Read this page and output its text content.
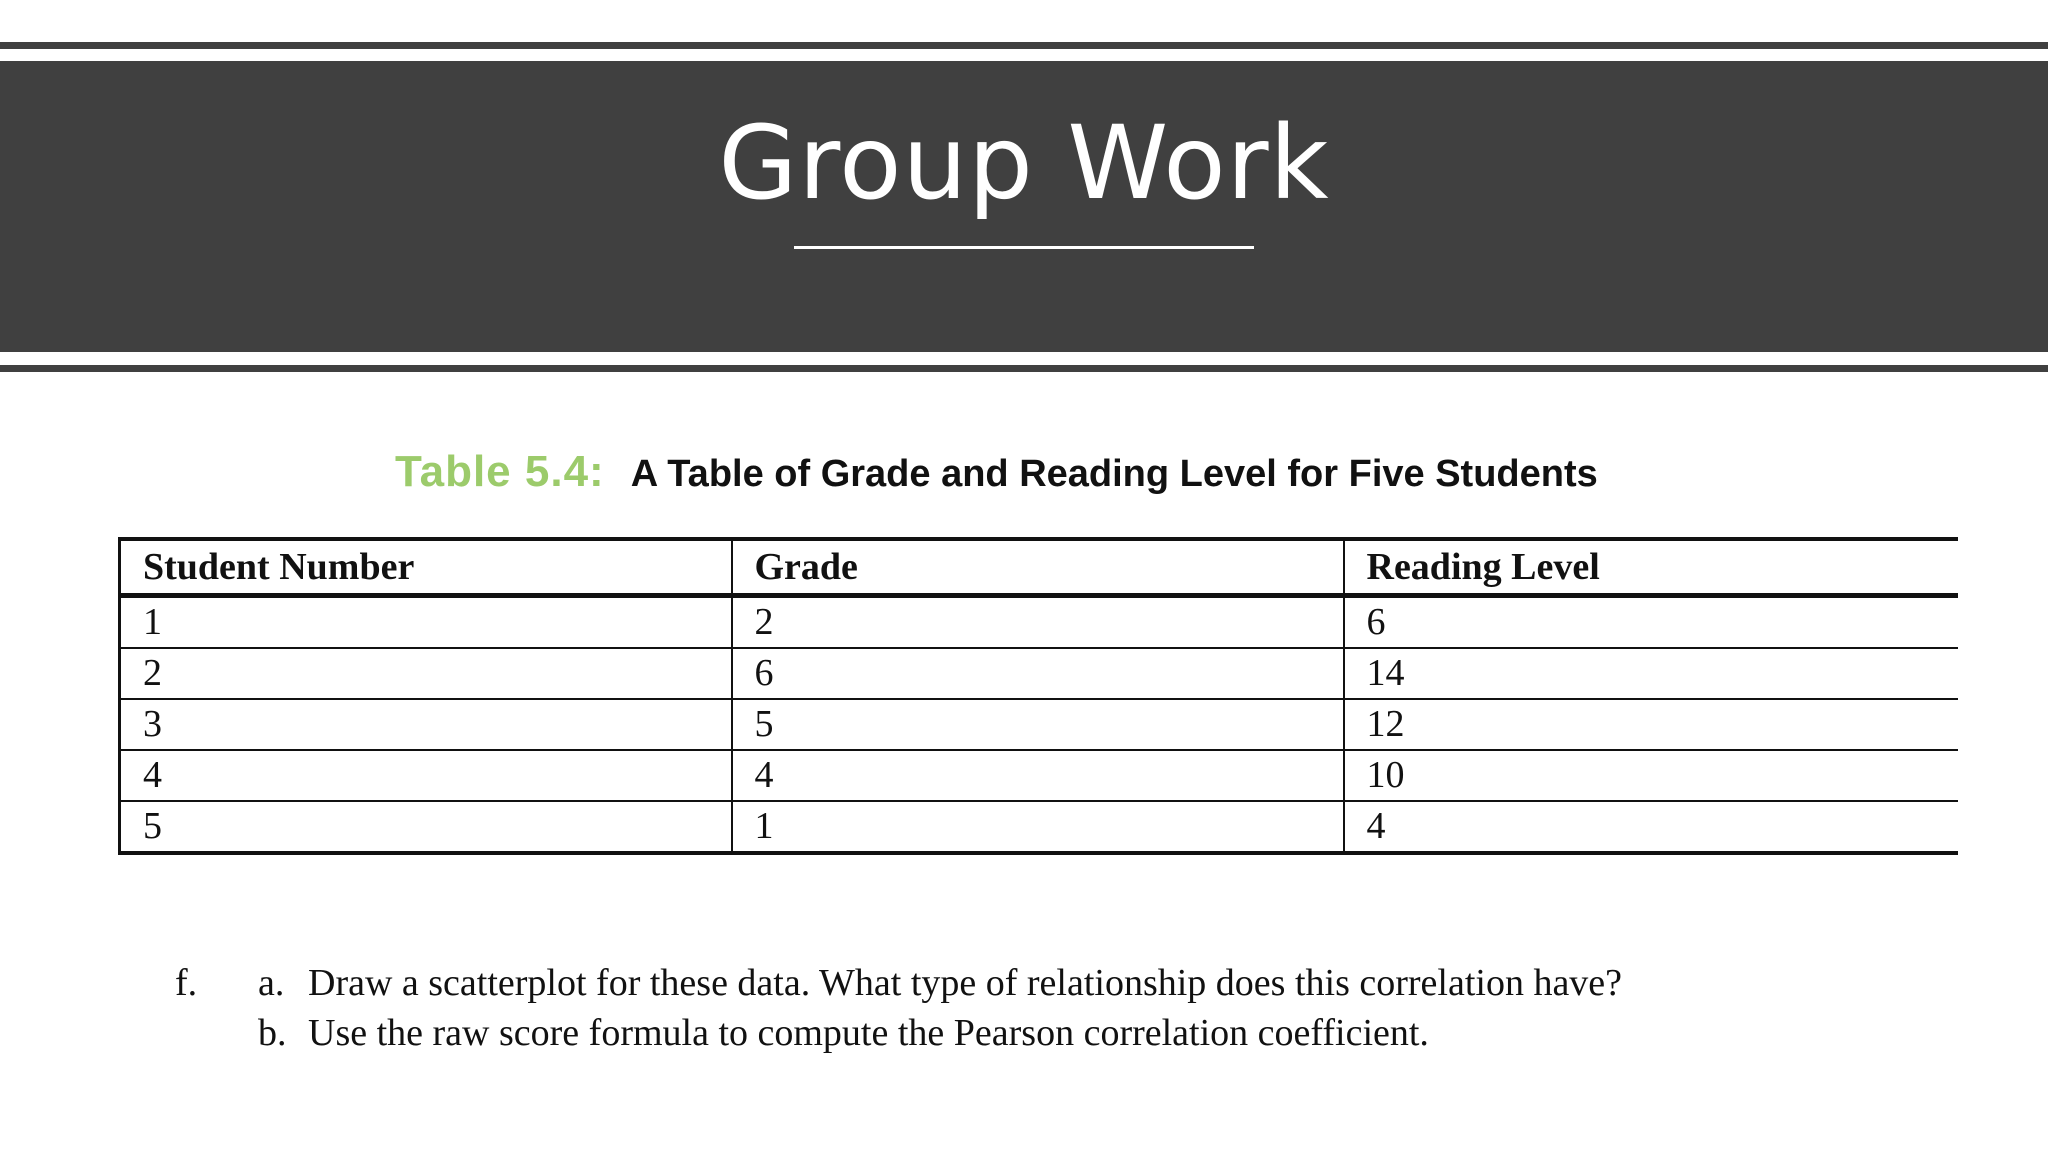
Group Work
Table 5.4: A Table of Grade and Reading Level for Five Students
Student Number	Grade	Reading Level
1	2	6
2	6	14
3	5	12
4	4	10
5	1	4
f. a. Draw a scatterplot for these data. What type of relationship does this correlation have?
b. Use the raw score formula to compute the Pearson correlation coefficient.
